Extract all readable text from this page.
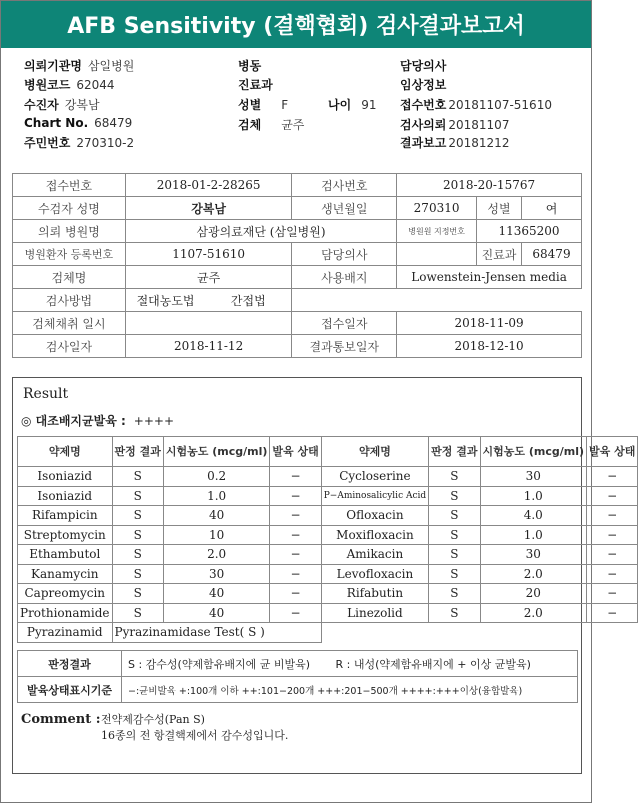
AFB Sensitivity (결핵협회) 검사결과보고서
의뢰기관명 삼일병원
병원코드 62044
수진자 강복남
Chart No. 68479
주민번호 270310-2
병동
진료과
성별 F
검체 균주
나이 91
담당의사
임상정보
접수번호 20181107-51610
검사의뢰 20181107
결과보고 20181212
접수번호	2018-01-2-28265		검사번호	2018-20-15767		
수검자 성명	강복남		생년월일	270310	성별	여
의뢰 병원명	삼광의료재단 (삼일병원)			병원원 지정번호	11365200	
병원환자 등록번호	1107-51610		담당의사		진료과	68479
검체명	균주		사용배지	Lowenstein-Jensen media		
검사방법	절대농도법	간접법				
검체채취 일시			접수일자	2018-11-09		
검사일자	2018-11-12		결과통보일자	2018-12-10		
Result
◎ 대조배지균발육 : ++++
약제명	판정 결과	시험농도 (mcg/ml)	발육 상태	약제명	판정 결과	시험농도 (mcg/ml)	발육 상태
Isoniazid	S	0.2	−	Cycloserine	S	30	−
Isoniazid	S	1.0	−	P−Aminosalicylic Acid	S	1.0	−
Rifampicin	S	40	−	Ofloxacin	S	4.0	−
Streptomycin	S	10	−	Moxifloxacin	S	1.0	−
Ethambutol	S	2.0	−	Amikacin	S	30	−
Kanamycin	S	30	−	Levofloxacin	S	2.0	−
Capreomycin	S	40	−	Rifabutin	S	20	−
Prothionamide	S	40	−	Linezolid	S	2.0	−
Pyrazinamid	Pyrazinamidase Test( S )						
판정결과	S : 감수성(약제함유배지에 균 비발육) R : 내성(약제함유배지에 + 이상 균발육)
발육상태표시기준	−:균비발육 +:100개 이하 ++:101−200개 +++:201−500개 ++++:+++이상(융합발육)
Comment : 전약제감수성(Pan S)
16종의 전 항결핵제에서 감수성입니다.
